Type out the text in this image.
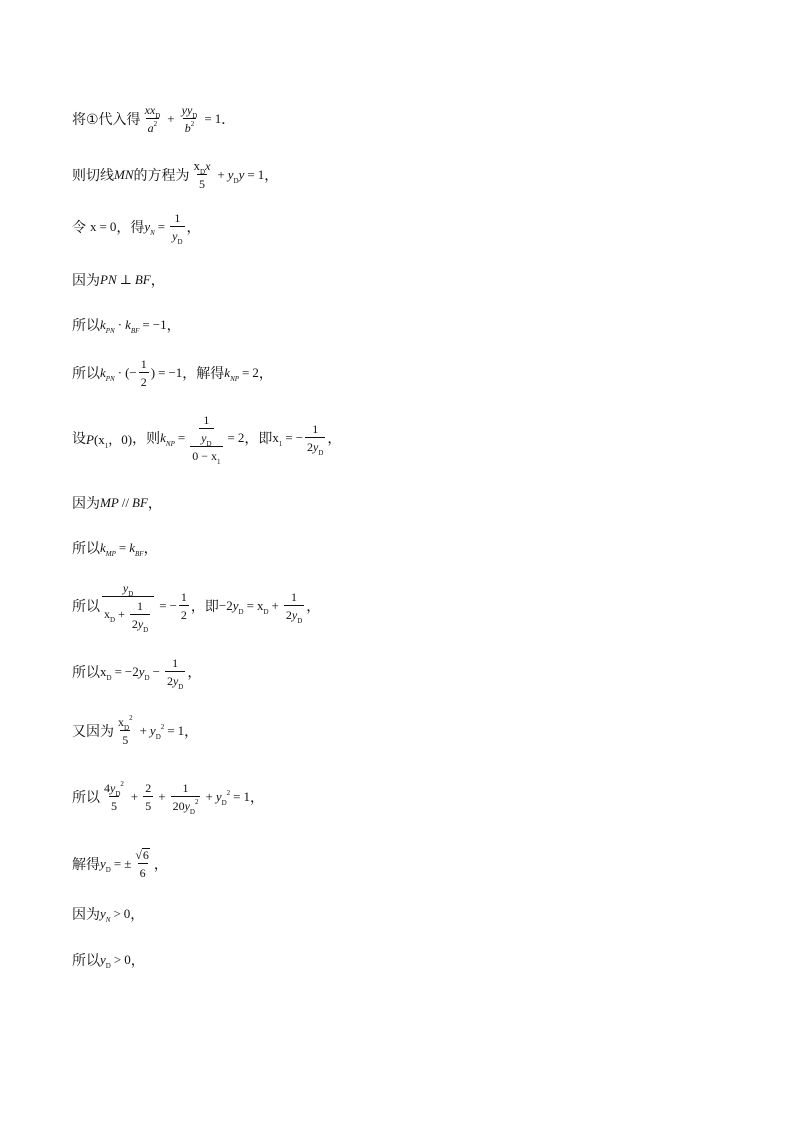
将①代入得 $\frac{xx_D}{a^2} + \frac{yy_D}{b^2} = 1$ ．
则切线 MN 的方程为 $\frac{x_Dx}{5} + y_Dy = 1$ ，
令 x = 0 ，得 $y_N = \frac{1}{y_D}$ ，
因为 PN ⊥ BF ，
所以 $k_{PN} \cdot k_{BF} = -1$ ，
所以 $k_{PN}$ · (− $\frac{1}{2}$ ) = −1 ，解得 $k_{NP} = 2$ ，
设 $P(x_1$，0) ，则 $k_{NP} = \frac{\frac{1}{y_D}}{0 - x_1} = 2$ ，即 $x_1$ = − $\frac{1}{2y_D}$ ，
因为 MP // BF ，
所以 $k_{MP} = k_{BF}$ ，
所以 $\frac{y_D}{x_D + \frac{1}{2y_D}}$ = − $\frac{1}{2}$ ，即 $-2y_D = x_D + \frac{1}{2y_D}$ ，
所以 $x_D = -2y_D - \frac{1}{2y_D}$ ，
又因为 $\frac{x_D^2}{5} + y_D^2 = 1$ ，
所以 $\frac{4y_D^2}{5} + \frac{2}{5} + \frac{1}{20y_D^2} + y_D^2 = 1$ ，
解得 $y_D$ = ± $\frac{√ 6}{6}$ ，
因为 $y_N > 0$ ，
所以 $y_D > 0$ ，
